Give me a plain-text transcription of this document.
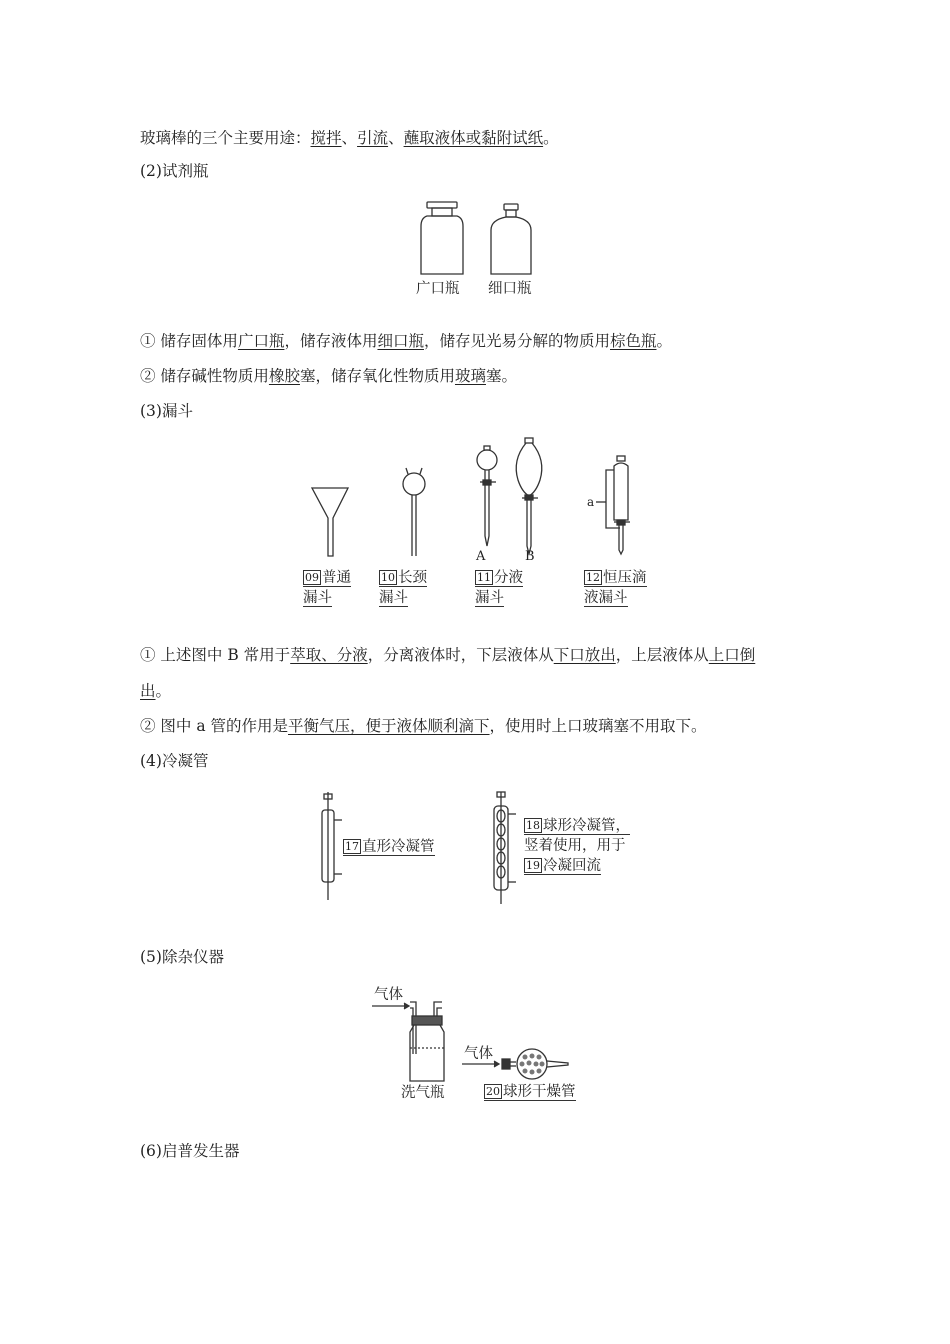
玻璃棒的三个主要用途：搅拌、引流、蘸取液体或黏附试纸。
(2)试剂瓶
广口瓶 细口瓶
① 储存固体用广口瓶，储存液体用细口瓶，储存见光易分解的物质用棕色瓶。
② 储存碱性物质用橡胶塞，储存氧化性物质用玻璃塞。
(3)漏斗
A	B
a
09 普通
漏斗
10 长颈
漏斗
11 分液
漏斗
12 恒压滴
液漏斗
① 上述图中 B 常用于萃取、分液，分离液体时，下层液体从下口放出，上层液体从上口倒
出。
② 图中 a 管的作用是平衡气压，便于液体顺利滴下，使用时上口玻璃塞不用取下。
(4)冷凝管
17 直形冷凝管
18 球形冷凝管，
竖着使用，用于
19 冷凝回流
(5)除杂仪器
气体
气体
洗气瓶	20 球形干燥管
(6)启普发生器
